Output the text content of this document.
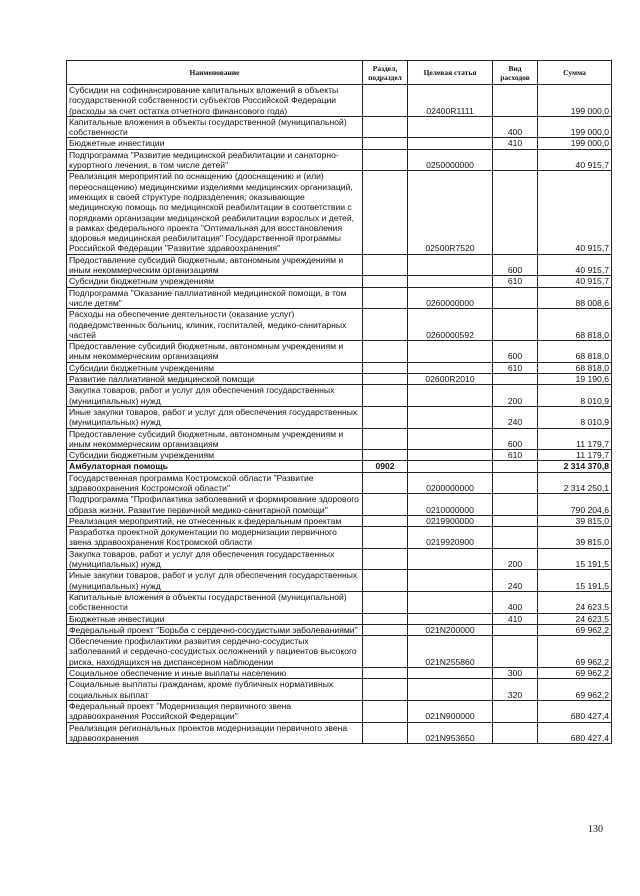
Наименование	Раздел, подраздел	Целевая статья	Вид расходов	Сумма
Субсидии на софинансирование капитальных вложений в объекты государственной собственности субъектов Российской Федерации (расходы за счет остатка отчетного финансового года)		02400R1111		199 000,0
Капитальные вложения в объекты государственной (муниципальной) собственности			400	199 000,0
Бюджетные инвестиции			410	199 000,0
Подпрограмма "Развитие медицинской реабилитации и санаторно-курортного лечения, в том числе детей"		0250000000		40 915,7
Реализация мероприятий по оснащению (дооснащению и (или) переоснащению) медицинскими изделиями медицинских организаций, имеющих в своей структуре подразделения, оказывающие медицинскую помощь по медицинской реабилитации в соответствии с порядками организации медицинской реабилитации взрослых и детей, в рамках федерального проекта "Оптимальная для восстановления здоровья медицинская реабилитация" Государственной программы Российской Федерации "Развитие здравоохранения"		02500R7520		40 915,7
Предоставление субсидий бюджетным, автономным учреждениям и иным некоммерческим организациям			600	40 915,7
Субсидии бюджетным учреждениям			610	40 915,7
Подпрограмма "Оказание паллиативной медицинской помощи, в том числе детям"		0260000000		88 008,6
Расходы на обеспечение деятельности (оказание услуг) подведомственных больниц, клиник, госпиталей, медико-санитарных частей		0260000592		68 818,0
Предоставление субсидий бюджетным, автономным учреждениям и иным некоммерческим организациям			600	68 818,0
Субсидии бюджетным учреждениям			610	68 818,0
Развитие паллиативной медицинской помощи		02600R2010		19 190,6
Закупка товаров, работ и услуг для обеспечения государственных (муниципальных) нужд			200	8 010,9
Иные закупки товаров, работ и услуг для обеспечения государственных (муниципальных) нужд			240	8 010,9
Предоставление субсидий бюджетным, автономным учреждениям и иным некоммерческим организациям			600	11 179,7
Субсидии бюджетным учреждениям			610	11 179,7
Амбулаторная помощь	0902			2 314 370,8
Государственная программа Костромской области "Развитие здравоохранения Костромской области"		0200000000		2 314 250,1
Подпрограмма "Профилактика заболеваний и формирование здорового образа жизни. Развитие первичной медико-санитарной помощи"		0210000000		790 204,6
Реализация мероприятий, не отнесенных к федеральным проектам		0219900000		39 815,0
Разработка проектной документации по модернизации первичного звена здравоохранения Костромской области		0219920900		39 815,0
Закупка товаров, работ и услуг для обеспечения государственных (муниципальных) нужд			200	15 191,5
Иные закупки товаров, работ и услуг для обеспечения государственных (муниципальных) нужд			240	15 191,5
Капитальные вложения в объекты государственной (муниципальной) собственности			400	24 623,5
Бюджетные инвестиции			410	24 623,5
Федеральный проект "Борьба с сердечно-сосудистыми заболеваниями"		021N200000		69 962,2
Обеспечение профилактики развития сердечно-сосудистых заболеваний и сердечно-сосудистых осложнений у пациентов высокого риска, находящихся на диспансерном наблюдении		021N255860		69 962,2
Социальное обеспечение и иные выплаты населению			300	69 962,2
Социальные выплаты гражданам, кроме публичных нормативных социальных выплат			320	69 962,2
Федеральный проект "Модернизация первичного звена здравоохранения Российской Федерации"		021N900000		680 427,4
Реализация региональных проектов модернизации первичного звена здравоохранения		021N953650		680 427,4
130
